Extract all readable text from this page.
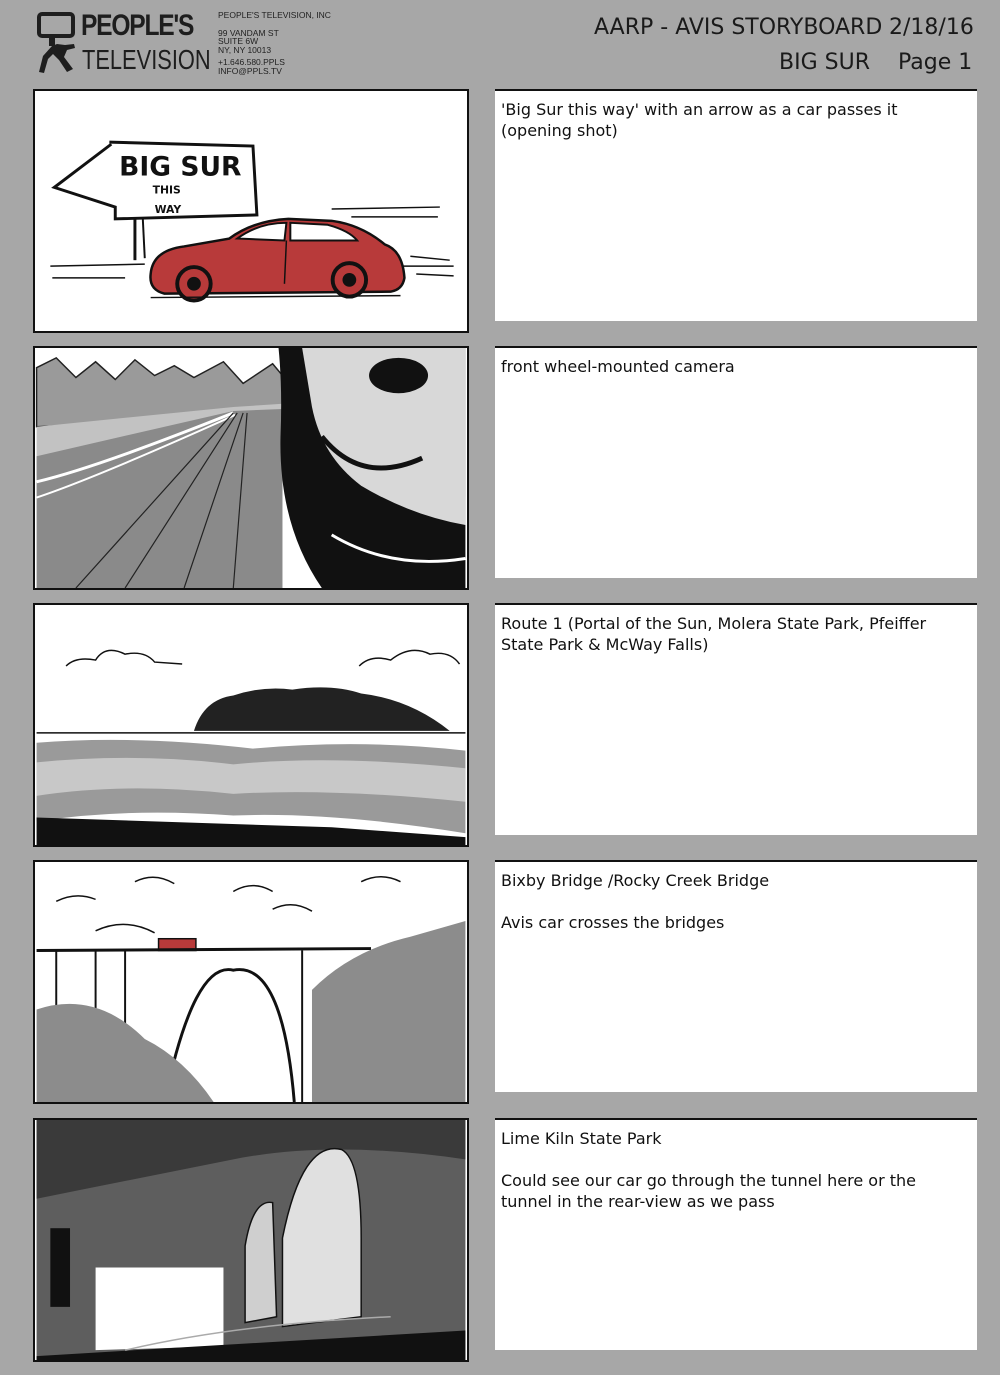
PEOPLE'S
TELEVISION
PEOPLE'S TELEVISION, INC
99 VANDAM ST
SUITE 6W
NY, NY 10013
+1.646.580.PPLS
INFO@PPLS.TV
AARP - AVIS STORYBOARD 2/18/16
BIG SUR Page 1
BIG SUR
THIS
WAY

'Big Sur this way' with an arrow as a car passes it (opening shot)

front wheel-mounted camera

Route 1 (Portal of the Sun, Molera State Park, Pfeiffer State Park & McWay Falls)

Bixby Bridge /Rocky Creek Bridge

Avis car crosses the bridges

Lime Kiln State Park

Could see our car go through the tunnel here or the tunnel in the rear-view as we pass
